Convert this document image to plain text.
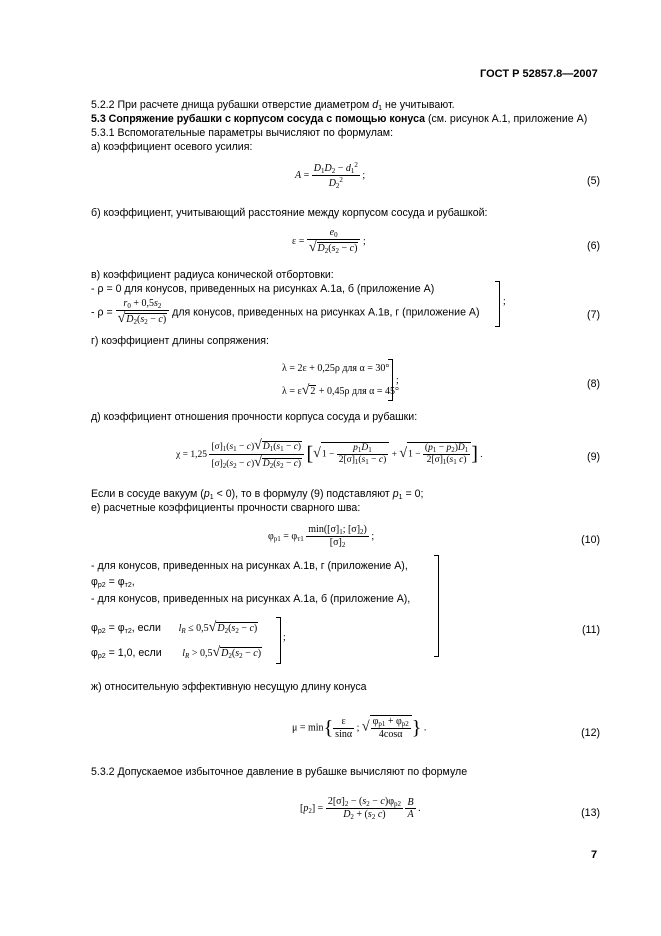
ГОСТ Р 52857.8—2007
5.2.2 При расчете днища рубашки отверстие диаметром $d_1$ не учитывают.
5.3 Сопряжение рубашки с корпусом сосуда с помощью конуса (см. рисунок А.1, приложение А)
5.3.1 Вспомогательные параметры вычисляют по формулам:
а) коэффициент осевого усилия:
$A = \frac{D_1D_2 - d_1^2}{D_2^2}$ ;	(5)
б) коэффициент, учитывающий расстояние между корпусом сосуда и рубашкой:
$\varepsilon = \frac{e_0}{√D_2(s_2 - c)}$ ;	(6)
в) коэффициент радиуса конической отбортовки:
- ρ = 0 для конусов, приведенных на рисунках А.1а, б (приложение А)
- $\rho = \frac{r_0 + 0,5s_2}{√D_2(s_2 - c)}$ для конусов, приведенных на рисунках А.1в, г (приложение А)
;
(7)
г) коэффициент длины сопряжения:
λ = 2ε + 0,25ρ для α = 30°
λ = ε√2 + 0,45ρ для α = 45°
;	(8)
д) коэффициент отношения прочности корпуса сосуда и рубашки:
$\chi = 1,25 \frac{[\sigma]_1(s_1 - c)√D_1(s_1 - c)}{[\sigma]_2(s_2 - c)√D_2(s_2 - c)} [√1 - \frac{p_1D_1}{2[\sigma]_1(s_1 - c)} + √1 - \frac{(p_1 - p_2)D_1}{2[\sigma]_1(s_1 c)}$ ] .	(9)
Если в сосуде вакуум $(p_1 < 0)$, то в формулу (9) подставляют $p_1 = 0$;
е) расчетные коэффициенты прочности сварного шва:
$\varphi_{p1} = \varphi_{т1} \frac{\min([\sigma]_1; [\sigma]_2)}{[\sigma]_2}$ ;	(10)
- для конусов, приведенных на рисунках А.1в, г (приложение А),
$\varphi_{p2} = \varphi_{т2}$,
- для конусов, приведенных на рисунках А.1а, б (приложение А),
$\varphi_{p2} = \varphi_{т2}$, если      $l_R \le 0,5√D_2(s_2 - c)$
$\varphi_{p2} = 1,0$, если       $l_R > 0,5√D_2(s_2 - c)$
;
(11)
ж) относительную эффективную несущую длину конуса
$\mu = \min\{ \frac{\varepsilon}{\sin\alpha}$ ; √ $\frac{\varphi_{p1} + \varphi_{p2}}{4\cos\alpha}$ } .	(12)
5.3.2 Допускаемое избыточное давление в рубашке вычисляют по формуле
$[p_2] = \frac{2[\sigma]_2 - (s_2 - c)\varphi_{p2}}{D_2 + (s_2 c)}$
$\frac{B}{A}$ .	(13)
7
